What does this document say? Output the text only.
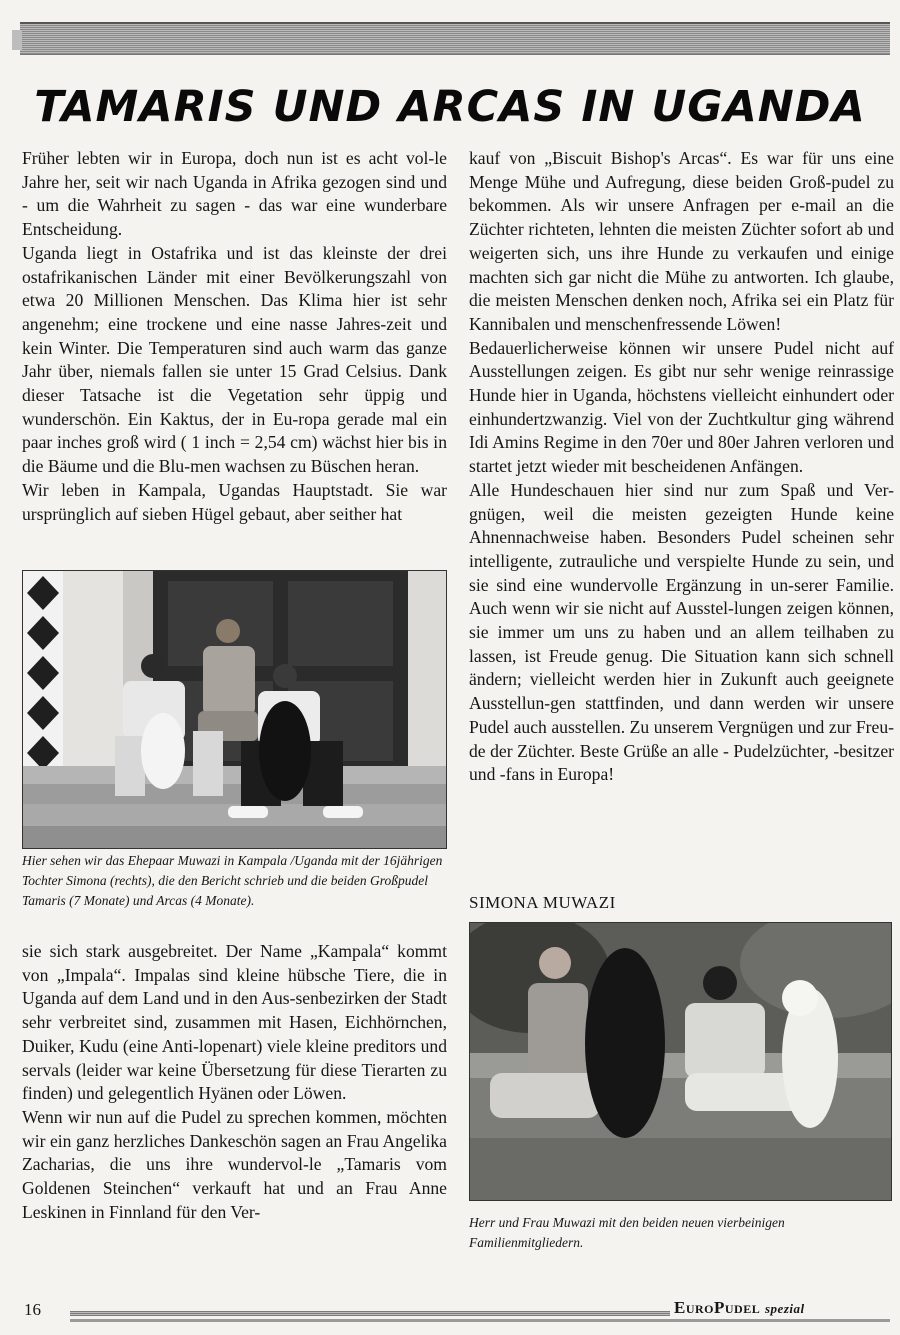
TAMARIS UND ARCAS IN UGANDA

Früher lebten wir in Europa, doch nun ist es acht vol-le Jahre her, seit wir nach Uganda in Afrika gezogen sind und - um die Wahrheit zu sagen - das war eine wunderbare Entscheidung.

Uganda liegt in Ostafrika und ist das kleinste der drei ostafrikanischen Länder mit einer Bevölkerungszahl von etwa 20 Millionen Menschen. Das Klima hier ist sehr angenehm; eine trockene und eine nasse Jahres-zeit und kein Winter. Die Temperaturen sind auch warm das ganze Jahr über, niemals fallen sie unter 15 Grad Celsius. Dank dieser Tatsache ist die Vegetation sehr üppig und wunderschön. Ein Kaktus, der in Eu-ropa gerade mal ein paar inches groß wird ( 1 inch = 2,54 cm) wächst hier bis in die Bäume und die Blu-men wachsen zu Büschen heran.

Wir leben in Kampala, Ugandas Hauptstadt. Sie war ursprünglich auf sieben Hügel gebaut, aber seither hat

Hier sehen wir das Ehepaar Muwazi in Kampala /Uganda mit der 16jährigen Tochter Simona (rechts), die den Bericht schrieb und die beiden Großpudel Tamaris (7 Monate) und Arcas (4 Monate).

sie sich stark ausgebreitet. Der Name „Kampala“ kommt von „Impala“. Impalas sind kleine hübsche Tiere, die in Uganda auf dem Land und in den Aus-senbezirken der Stadt sehr verbreitet sind, zusammen mit Hasen, Eichhörnchen, Duiker, Kudu (eine Anti-lopenart) viele kleine preditors und servals (leider war keine Übersetzung für diese Tierarten zu finden) und gelegentlich Hyänen oder Löwen.

Wenn wir nun auf die Pudel zu sprechen kommen, möchten wir ein ganz herzliches Dankeschön sagen an Frau Angelika Zacharias, die uns ihre wundervol-le „Tamaris vom Goldenen Steinchen“ verkauft hat und an Frau Anne Leskinen in Finnland für den Ver-

kauf von „Biscuit Bishop's Arcas“. Es war für uns eine Menge Mühe und Aufregung, diese beiden Groß-pudel zu bekommen. Als wir unsere Anfragen per e-mail an die Züchter richteten, lehnten die meisten Züchter sofort ab und weigerten sich, uns ihre Hunde zu verkaufen und einige machten sich gar nicht die Mühe zu antworten. Ich glaube, die meisten Menschen denken noch, Afrika sei ein Platz für Kannibalen und menschenfressende Löwen!

Bedauerlicherweise können wir unsere Pudel nicht auf Ausstellungen zeigen. Es gibt nur sehr wenige reinrassige Hunde hier in Uganda, höchstens vielleicht einhundert oder einhundertzwanzig. Viel von der Zuchtkultur ging während Idi Amins Regime in den 70er und 80er Jahren verloren und startet jetzt wieder mit bescheidenen Anfängen.

Alle Hundeschauen hier sind nur zum Spaß und Ver-gnügen, weil die meisten gezeigten Hunde keine Ahnennachweise haben. Besonders Pudel scheinen sehr intelligente, zutrauliche und verspielte Hunde zu sein, und sie sind eine wundervolle Ergänzung in un-serer Familie. Auch wenn wir sie nicht auf Ausstel-lungen zeigen können, sie immer um uns zu haben und an allem teilhaben zu lassen, ist Freude genug. Die Situation kann sich schnell ändern; vielleicht werden hier in Zukunft auch geeignete Ausstellun-gen stattfinden, und dann werden wir unsere Pudel auch ausstellen. Zu unserem Vergnügen und zur Freu-de der Züchter. Beste Grüße an alle - Pudelzüchter, -besitzer und -fans in Europa!

SIMONA MUWAZI
Herr und Frau Muwazi mit den beiden neuen vierbeinigen Familienmitgliedern.
16	EuroPudel spezial
